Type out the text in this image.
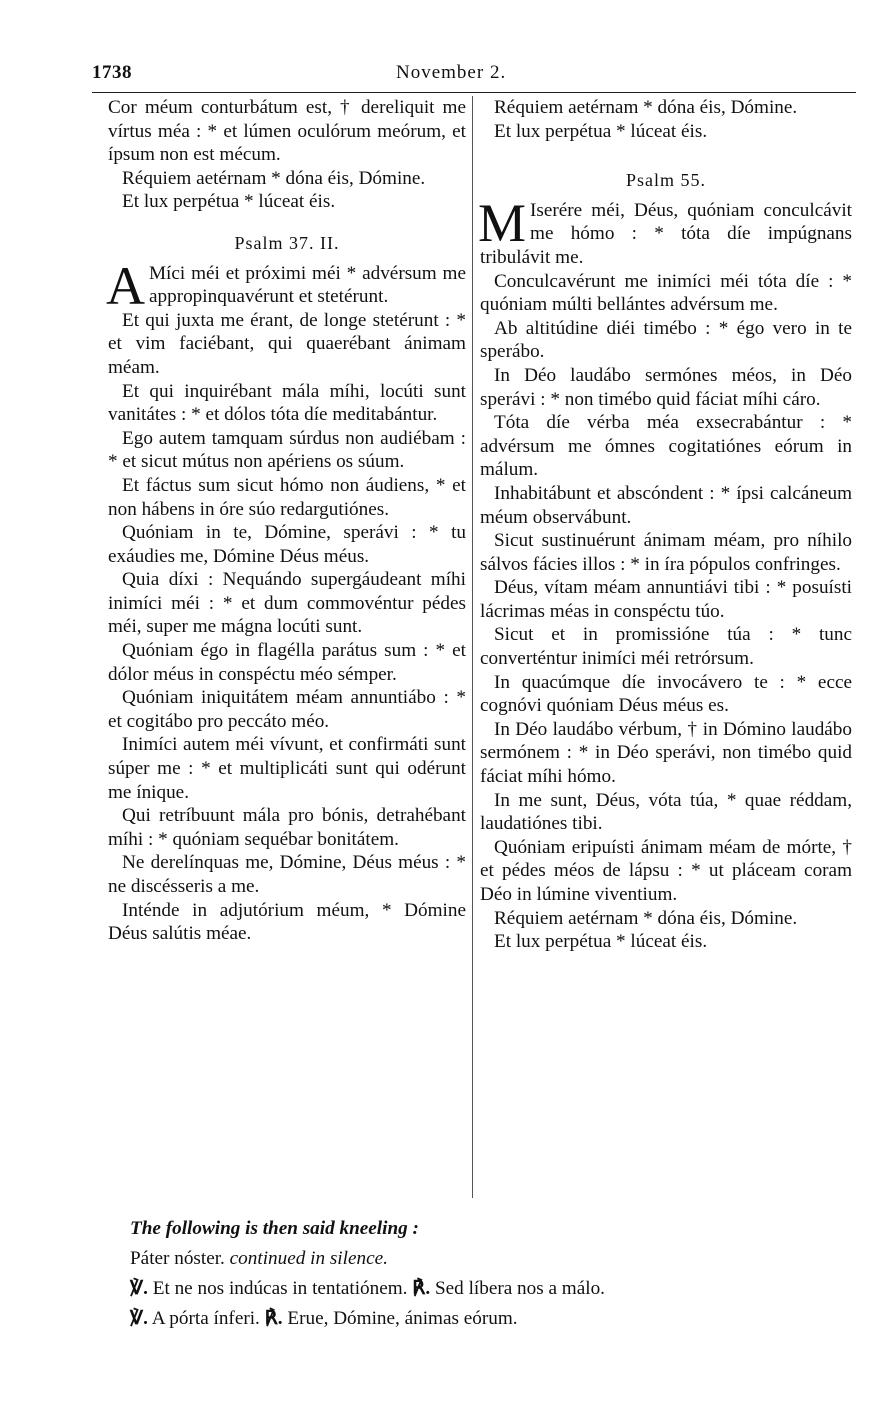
1738	November 2.

Cor méum conturbátum est, † dereliquit me vírtus méa : * et lúmen oculórum meórum, et ípsum non est mécum.

Réquiem aetérnam * dóna éis, Dómine.

Et lux perpétua * lúceat éis.

Psalm 37. II.

A Míci méi et próximi méi * advérsum me appropinquavérunt et stetérunt.

Et qui juxta me érant, de longe stetérunt : * et vim faciébant, qui quaerébant ánimam méam.

Et qui inquirébant mála míhi, locúti sunt vanitátes : * et dólos tóta díe meditabántur.

Ego autem tamquam súrdus non audiébam : * et sicut mútus non apériens os súum.

Et fáctus sum sicut hómo non áudiens, * et non hábens in óre súo redargutiónes.

Quóniam in te, Dómine, sperávi : * tu exáudies me, Dómine Déus méus.

Quia díxi : Nequándo supergáudeant míhi inimíci méi : * et dum commovéntur pédes méi, super me mágna locúti sunt.

Quóniam égo in flagélla parátus sum : * et dólor méus in conspéctu méo sémper.

Quóniam iniquitátem méam annuntiábo : * et cogitábo pro peccáto méo.

Inimíci autem méi vívunt, et confirmáti sunt súper me : * et multiplicáti sunt qui odérunt me ínique.

Qui retríbuunt mála pro bónis, detrahébant míhi : * quóniam sequébar bonitátem.

Ne derelínquas me, Dómine, Déus méus : * ne discésseris a me.

Inténde in adjutórium méum, * Dómine Déus salútis méae.

Réquiem aetérnam * dóna éis, Dómine.

Et lux perpétua * lúceat éis.

Psalm 55.

M Iserére méi, Déus, quóniam conculcávit me hómo : * tóta díe impúgnans tribulávit me.

Conculcavérunt me inimíci méi tóta díe : * quóniam múlti bellántes advérsum me.

Ab altitúdine diéi timébo : * égo vero in te sperábo.

In Déo laudábo sermónes méos, in Déo sperávi : * non timébo quid fáciat míhi cáro.

Tóta díe vérba méa exsecrabántur : * advérsum me ómnes cogitatiónes eórum in málum.

Inhabitábunt et abscóndent : * ípsi calcáneum méum observábunt.

Sicut sustinuérunt ánimam méam, pro níhilo sálvos fácies illos : * in íra pópulos confringes.

Déus, vítam méam annuntiávi tibi : * posuísti lácrimas méas in conspéctu túo.

Sicut et in promissióne túa : * tunc converténtur inimíci méi retrórsum.

In quacúmque díe invocávero te : * ecce cognóvi quóniam Déus méus es.

In Déo laudábo vérbum, † in Dómino laudábo sermónem : * in Déo sperávi, non timébo quid fáciat míhi hómo.

In me sunt, Déus, vóta túa, * quae réddam, laudatiónes tibi.

Quóniam eripuísti ánimam méam de mórte, † et pédes méos de lápsu : * ut pláceam coram Déo in lúmine viventium.

Réquiem aetérnam * dóna éis, Dómine.

Et lux perpétua * lúceat éis.

The following is then said kneeling :
Páter nóster. continued in silence.
℣. Et ne nos indúcas in tentatiónem. ℟. Sed líbera nos a málo.
℣. A pórta ínferi. ℟. Erue, Dómine, ánimas eórum.
